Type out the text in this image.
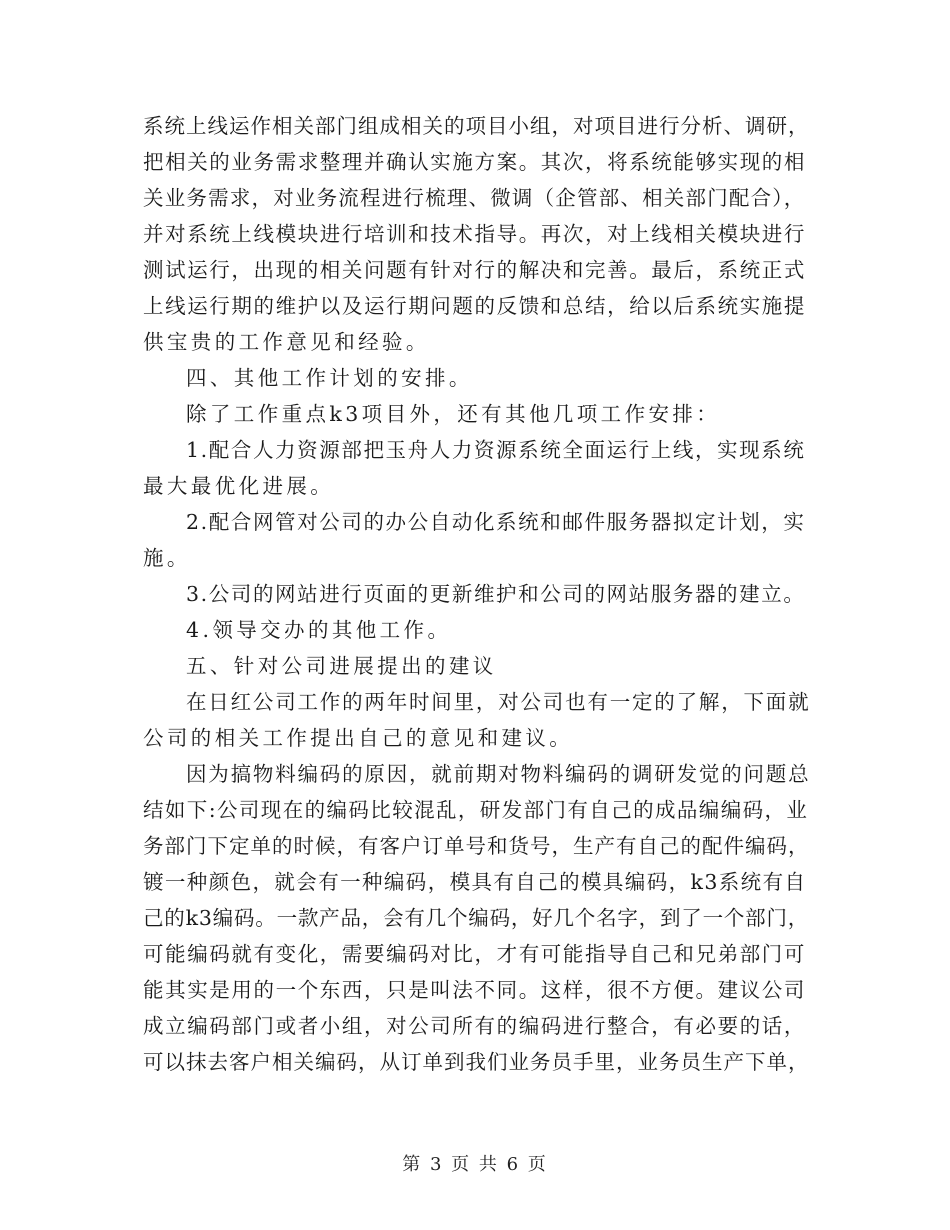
系统上线运作相关部门组成相关的项目小组，对项目进行分析、调研，
把相关的业务需求整理并确认实施方案。其次，将系统能够实现的相
关业务需求，对业务流程进行梳理、微调（企管部、相关部门配合），
并对系统上线模块进行培训和技术指导。再次，对上线相关模块进行
测试运行，出现的相关问题有针对行的解决和完善。最后，系统正式
上线运行期的维护以及运行期问题的反馈和总结，给以后系统实施提
供宝贵的工作意见和经验。
四、其他工作计划的安排。
除了工作重点k3项目外，还有其他几项工作安排：
1.配合人力资源部把玉舟人力资源系统全面运行上线，实现系统
最大最优化进展。
2.配合网管对公司的办公自动化系统和邮件服务器拟定计划，实
施。
3.公司的网站进行页面的更新维护和公司的网站服务器的建立。
4.领导交办的其他工作。
五、针对公司进展提出的建议
在日红公司工作的两年时间里，对公司也有一定的了解，下面就
公司的相关工作提出自己的意见和建议。
因为搞物料编码的原因，就前期对物料编码的调研发觉的问题总
结如下:公司现在的编码比较混乱，研发部门有自己的成品编编码，业
务部门下定单的时候，有客户订单号和货号，生产有自己的配件编码，
镀一种颜色，就会有一种编码，模具有自己的模具编码，k3系统有自
己的k3编码。一款产品，会有几个编码，好几个名字，到了一个部门，
可能编码就有变化，需要编码对比，才有可能指导自己和兄弟部门可
能其实是用的一个东西，只是叫法不同。这样，很不方便。建议公司
成立编码部门或者小组，对公司所有的编码进行整合，有必要的话，
可以抹去客户相关编码，从订单到我们业务员手里，业务员生产下单，
第 3 页 共 6 页
